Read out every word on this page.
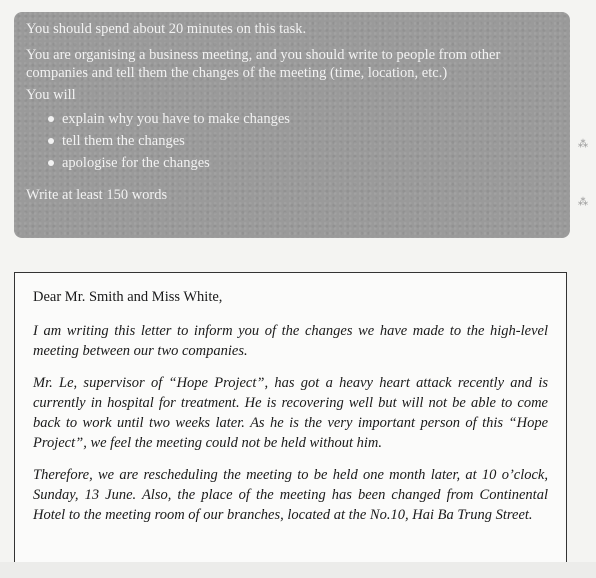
You should spend about 20 minutes on this task.

You are organising a business meeting, and you should write to people from other companies and tell them the changes of the meeting (time, location, etc.)

You will

explain why you have to make changes
tell them the changes
apologise for the changes

Write at least 150 words

⁂
⁂

Dear Mr. Smith and Miss White,

I am writing this letter to inform you of the changes we have made to the high-level meeting between our two companies.

Mr. Le, supervisor of “Hope Project”, has got a heavy heart attack recently and is currently in hospital for treatment. He is recovering well but will not be able to come back to work until two weeks later. As he is the very important person of this “Hope Project”, we feel the meeting could not be held without him.

Therefore, we are rescheduling the meeting to be held one month later, at 10 o’clock, Sunday, 13 June. Also, the place of the meeting has been changed from Continental Hotel to the meeting room of our branches, located at the No.10, Hai Ba Trung Street.
